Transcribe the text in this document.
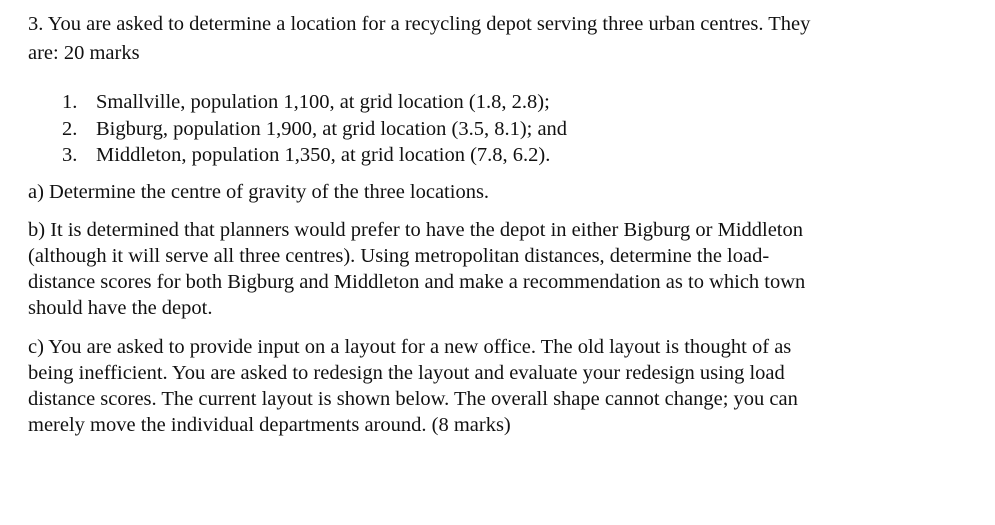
3. You are asked to determine a location for a recycling depot serving three urban centres. They
are: 20 marks
1. Smallville, population 1,100, at grid location (1.8, 2.8);
2. Bigburg, population 1,900, at grid location (3.5, 8.1); and
3. Middleton, population 1,350, at grid location (7.8, 6.2).
a) Determine the centre of gravity of the three locations.
b) It is determined that planners would prefer to have the depot in either Bigburg or Middleton
(although it will serve all three centres). Using metropolitan distances, determine the load-
distance scores for both Bigburg and Middleton and make a recommendation as to which town
should have the depot.
c) You are asked to provide input on a layout for a new office. The old layout is thought of as
being inefficient. You are asked to redesign the layout and evaluate your redesign using load
distance scores. The current layout is shown below. The overall shape cannot change; you can
merely move the individual departments around. (8 marks)
